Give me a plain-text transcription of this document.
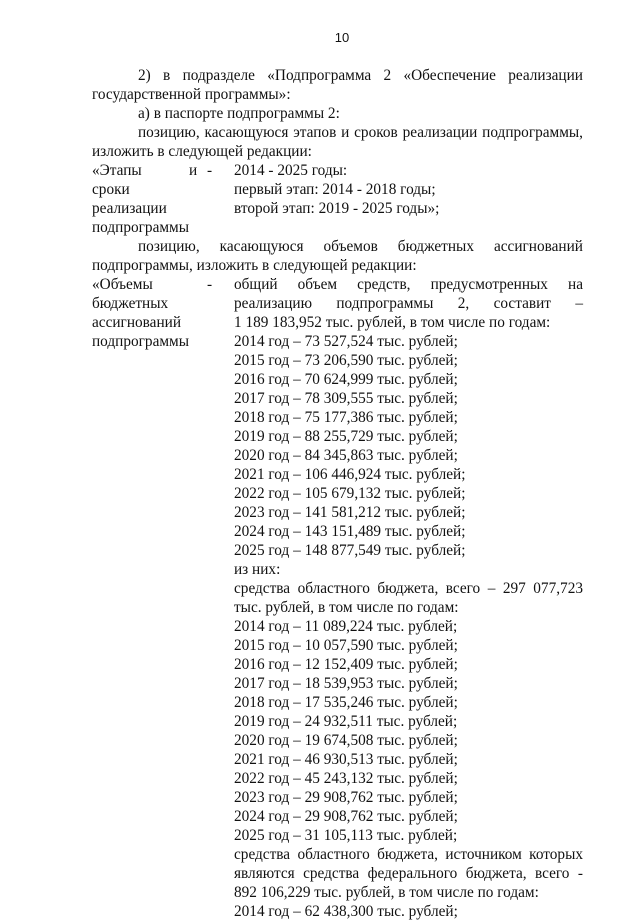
10
2) в подразделе «Подпрограмма 2 «Обеспечение реализации
государственной программы»:
а) в паспорте подпрограммы 2:
позицию, касающуюся этапов и сроков реализации подпрограммы,
изложить в следующей редакции:
«Этапы	и -
сроки
реализации
подпрограммы
2014 - 2025 годы:
первый этап: 2014 - 2018 годы;
второй этап: 2019 - 2025 годы»;
позицию, касающуюся объемов бюджетных ассигнований
подпрограммы, изложить в следующей редакции:
«Объемы	-
бюджетных
ассигнований
подпрограммы
общий объем средств, предусмотренных на
реализацию подпрограммы 2, составит –
1 189 183,952 тыс. рублей, в том числе по годам:
2014 год – 73 527,524 тыс. рублей;
2015 год – 73 206,590 тыс. рублей;
2016 год – 70 624,999 тыс. рублей;
2017 год – 78 309,555 тыс. рублей;
2018 год – 75 177,386 тыс. рублей;
2019 год – 88 255,729 тыс. рублей;
2020 год – 84 345,863 тыс. рублей;
2021 год – 106 446,924 тыс. рублей;
2022 год – 105 679,132 тыс. рублей;
2023 год – 141 581,212 тыс. рублей;
2024 год – 143 151,489 тыс. рублей;
2025 год – 148 877,549 тыс. рублей;
из них:
средства областного бюджета, всего – 297 077,723
тыс. рублей, в том числе по годам:
2014 год – 11 089,224 тыс. рублей;
2015 год – 10 057,590 тыс. рублей;
2016 год – 12 152,409 тыс. рублей;
2017 год – 18 539,953 тыс. рублей;
2018 год – 17 535,246 тыс. рублей;
2019 год – 24 932,511 тыс. рублей;
2020 год – 19 674,508 тыс. рублей;
2021 год – 46 930,513 тыс. рублей;
2022 год – 45 243,132 тыс. рублей;
2023 год – 29 908,762 тыс. рублей;
2024 год – 29 908,762 тыс. рублей;
2025 год – 31 105,113 тыс. рублей;
средства областного бюджета, источником которых
являются средства федерального бюджета, всего -
892 106,229 тыс. рублей, в том числе по годам:
2014 год – 62 438,300 тыс. рублей;
